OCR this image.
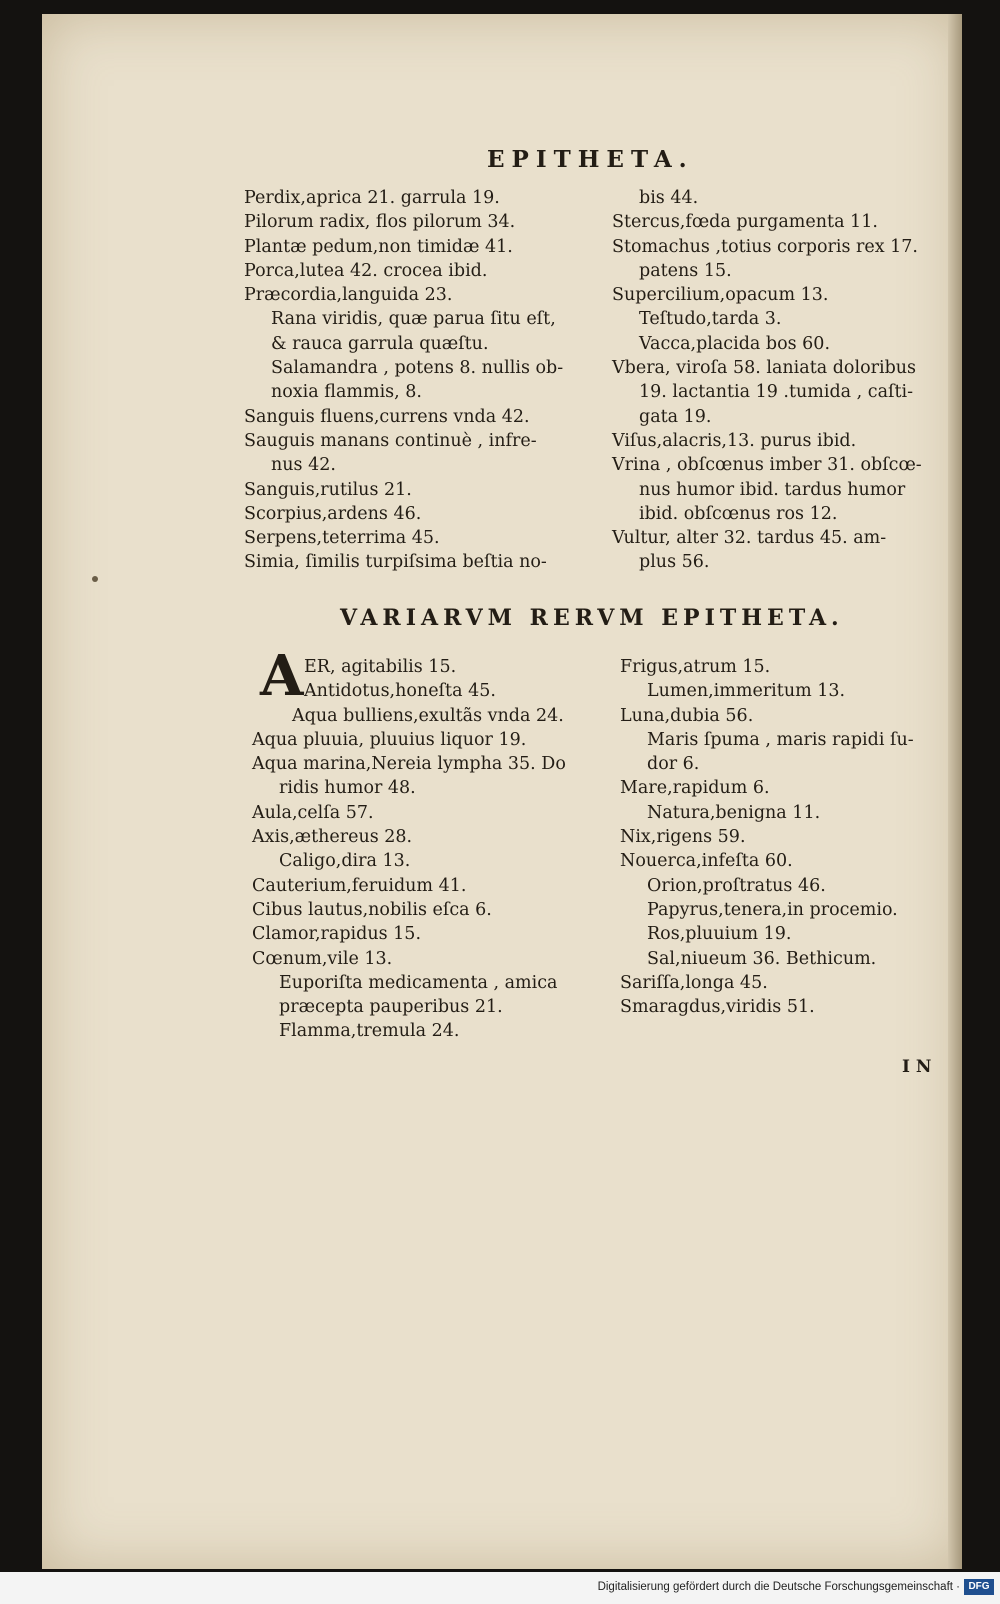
EPITHETA.
Perdix,aprica 21. garrula 19.
Pilorum radix, flos pilorum 34.
Plantæ pedum,non timidæ 41.
Porca,lutea 42. crocea ibid.
Præcordia,languida 23.
Rana viridis, quæ parua ſitu eſt,
& rauca garrula quæſtu.
Salamandra , potens 8. nullis ob-
noxia flammis, 8.
Sanguis fluens,currens vnda 42.
Sauguis manans continuè , infre-
nus 42.
Sanguis,rutilus 21.
Scorpius,ardens 46.
Serpens,teterrima 45.
Simia, ſimilis turpiſsima beſtia no-
bis 44.
Stercus,fœda purgamenta 11.
Stomachus ,totius corporis rex 17.
patens 15.
Supercilium,opacum 13.
Teſtudo,tarda 3.
Vacca,placida bos 60.
Vbera, viroſa 58. laniata doloribus
19. lactantia 19 .tumida , caſti-
gata 19.
Viſus,alacris,13. purus ibid.
Vrina , obſcœnus imber 31. obſcœ-
nus humor ibid. tardus humor
ibid. obſcœnus ros 12.
Vultur, alter 32. tardus 45. am-
plus 56.
VARIARVM RERVM EPITHETA.
A ER, agitabilis 15.
Antidotus,honeſta 45.
Aqua bulliens,exultãs vnda 24.
Aqua pluuia, pluuius liquor 19.
Aqua marina,Nereia lympha 35. Do
ridis humor 48.
Aula,celſa 57.
Axis,æthereus 28.
Caligo,dira 13.
Cauterium,feruidum 41.
Cibus lautus,nobilis eſca 6.
Clamor,rapidus 15.
Cœnum,vile 13.
Euporiſta medicamenta , amica
præcepta pauperibus 21.
Flamma,tremula 24.
Frigus,atrum 15.
Lumen,immeritum 13.
Luna,dubia 56.
Maris ſpuma , maris rapidi ſu-
dor 6.
Mare,rapidum 6.
Natura,benigna 11.
Nix,rigens 59.
Nouerca,infeſta 60.
Orion,proſtratus 46.
Papyrus,tenera,in procemio.
Ros,pluuium 19.
Sal,niueum 36. Bethicum.
Sariſſa,longa 45.
Smaragdus,viridis 51.
I N
Digitalisierung gefördert durch die Deutsche Forschungsgemeinschaft · DFG
